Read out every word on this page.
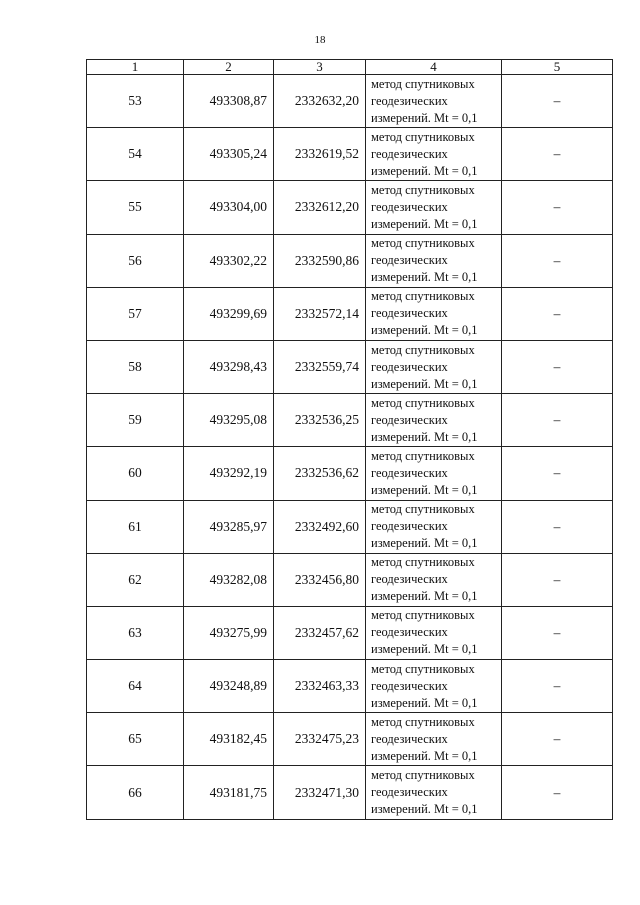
18
1	2	3	4	5
53	493308,87	2332632,20	метод спутниковых
геодезических
измерений. Mt = 0,1	–
54	493305,24	2332619,52	метод спутниковых
геодезических
измерений. Mt = 0,1	–
55	493304,00	2332612,20	метод спутниковых
геодезических
измерений. Mt = 0,1	–
56	493302,22	2332590,86	метод спутниковых
геодезических
измерений. Mt = 0,1	–
57	493299,69	2332572,14	метод спутниковых
геодезических
измерений. Mt = 0,1	–
58	493298,43	2332559,74	метод спутниковых
геодезических
измерений. Mt = 0,1	–
59	493295,08	2332536,25	метод спутниковых
геодезических
измерений. Mt = 0,1	–
60	493292,19	2332536,62	метод спутниковых
геодезических
измерений. Mt = 0,1	–
61	493285,97	2332492,60	метод спутниковых
геодезических
измерений. Mt = 0,1	–
62	493282,08	2332456,80	метод спутниковых
геодезических
измерений. Mt = 0,1	–
63	493275,99	2332457,62	метод спутниковых
геодезических
измерений. Mt = 0,1	–
64	493248,89	2332463,33	метод спутниковых
геодезических
измерений. Mt = 0,1	–
65	493182,45	2332475,23	метод спутниковых
геодезических
измерений. Mt = 0,1	–
66	493181,75	2332471,30	метод спутниковых
геодезических
измерений. Mt = 0,1	–
